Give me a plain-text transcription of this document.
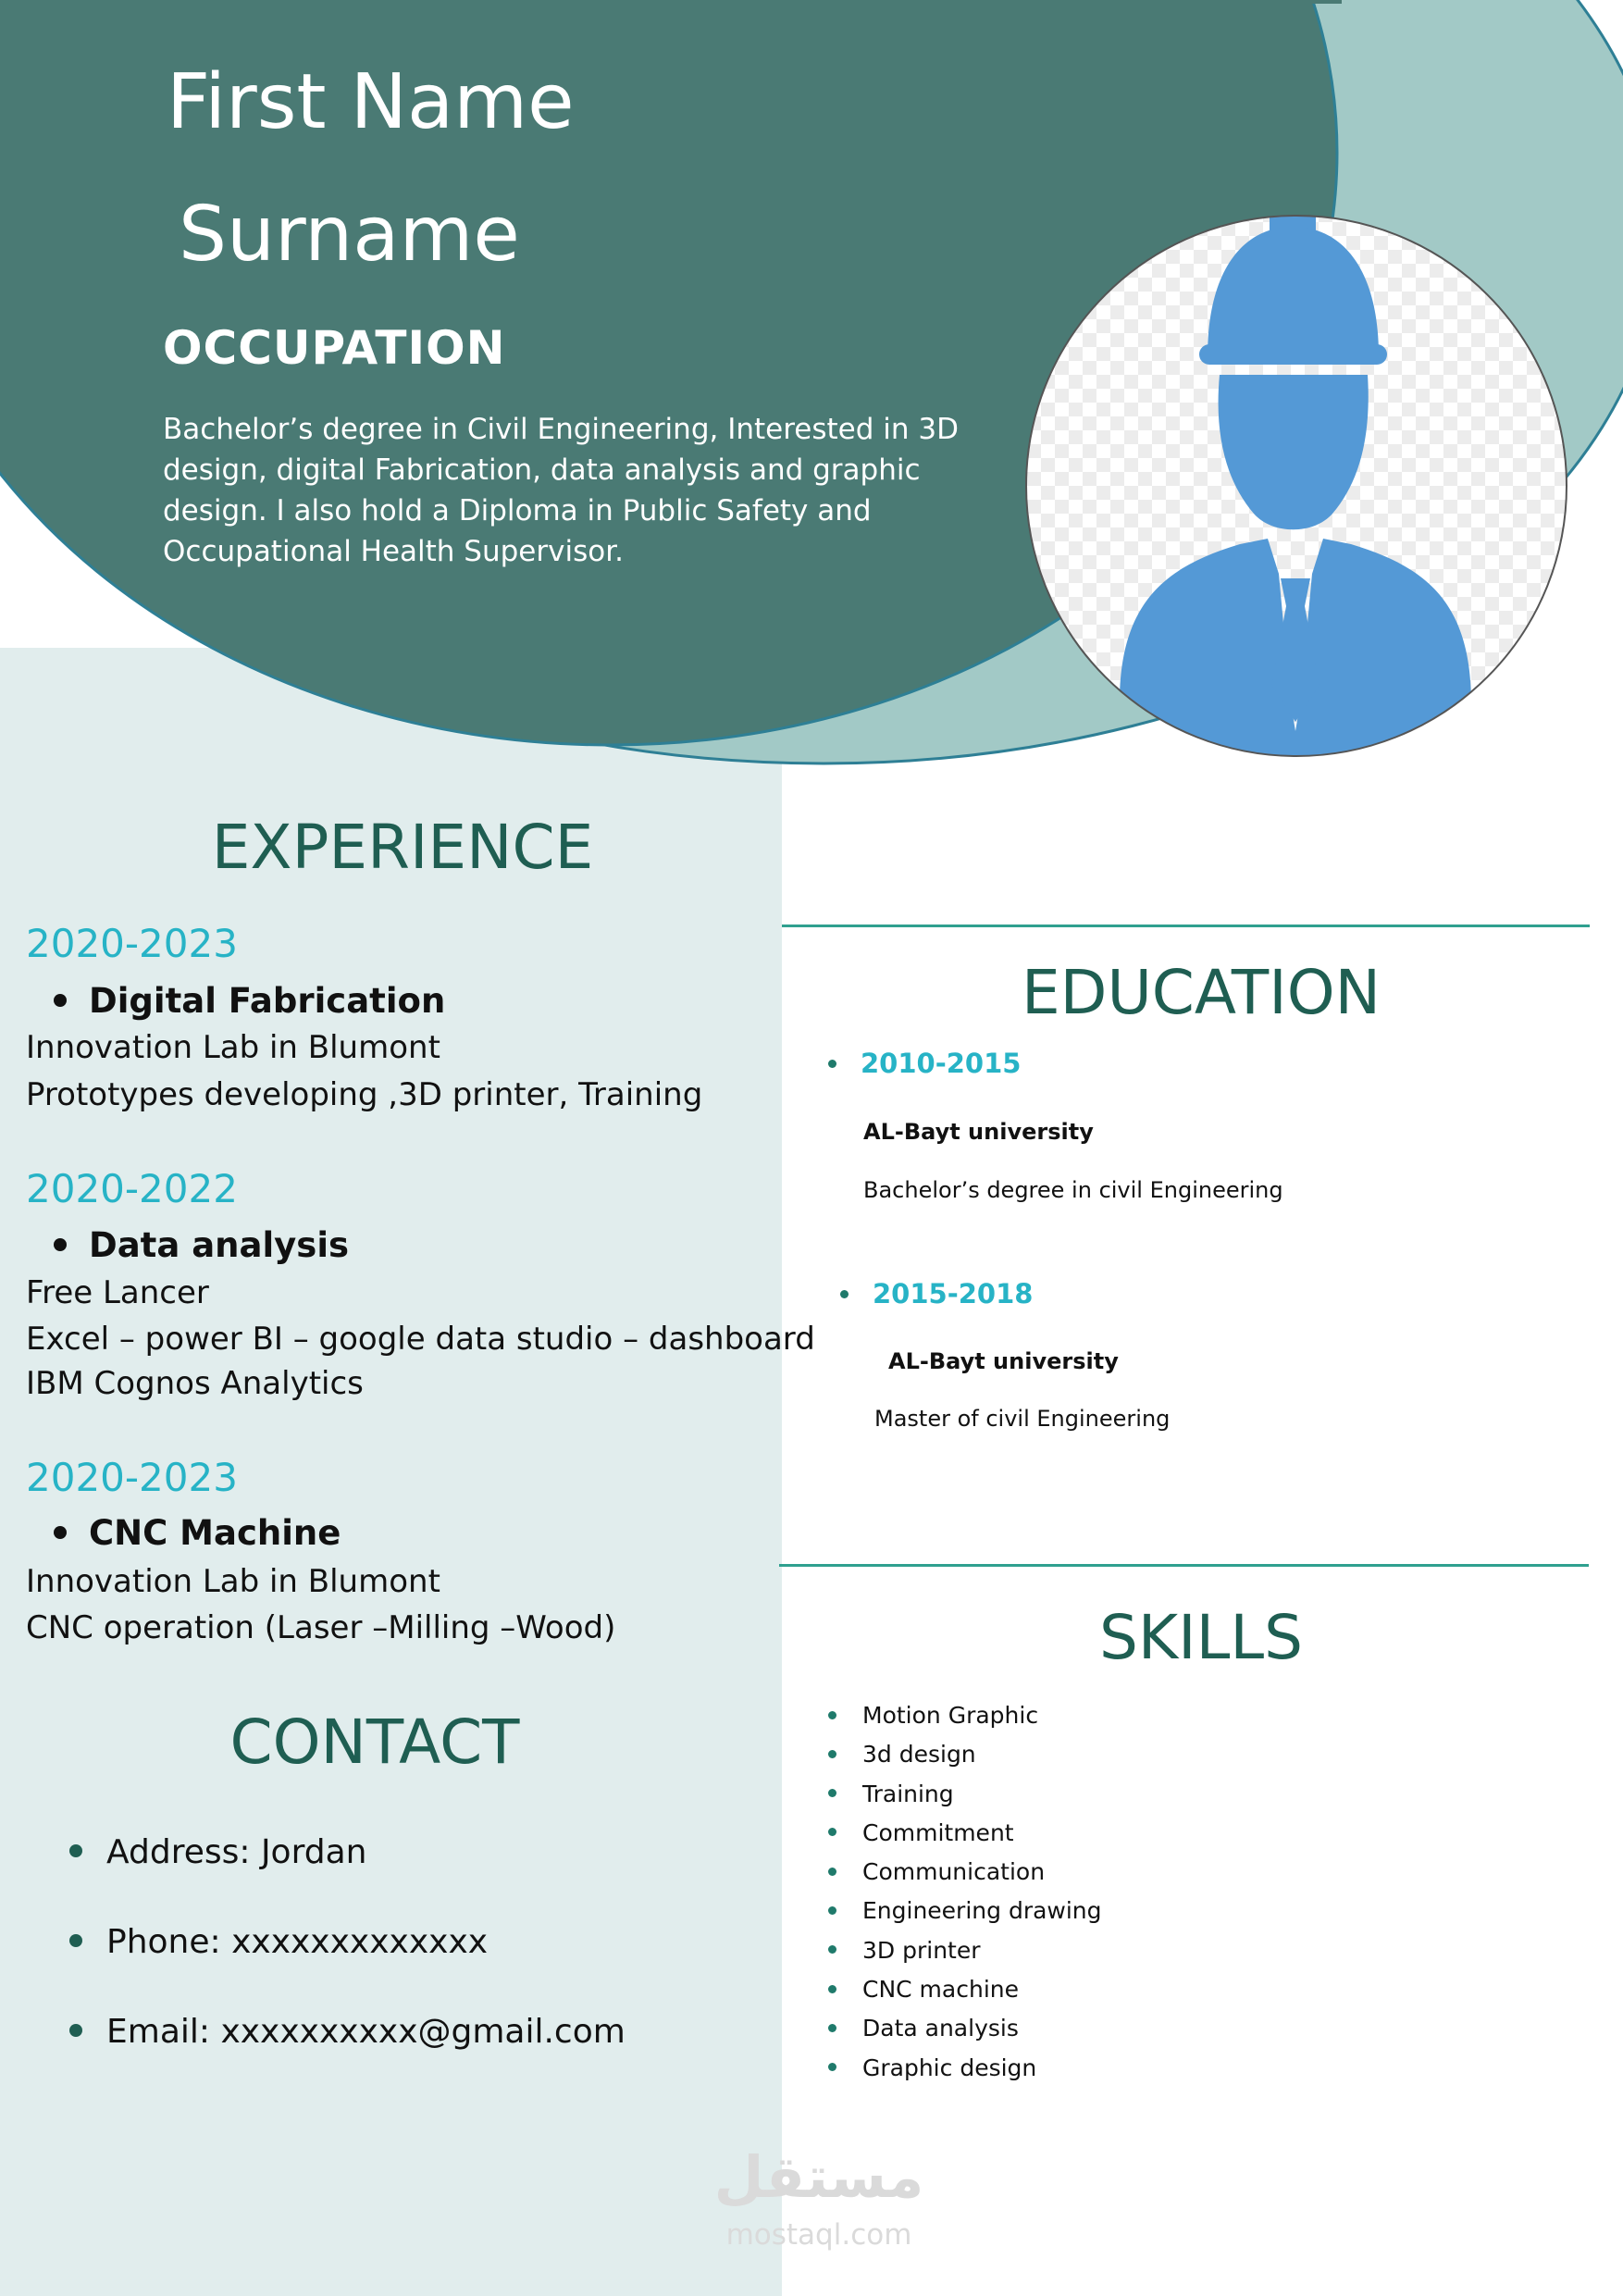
First Name
Surname
OCCUPATION
Bachelor’s degree in Civil Engineering, Interested in 3D design, digital Fabrication, data analysis and graphic design. I also hold a Diploma in Public Safety and Occupational Health Supervisor.
EXPERIENCE
2020-2023
Digital Fabrication
Innovation Lab in Blumont
Prototypes developing ,3D printer, Training
2020-2022
Data analysis
Free Lancer
Excel – power BI – google data studio – dashboard
IBM Cognos Analytics
2020-2023
CNC Machine
Innovation Lab in Blumont
CNC operation (Laser –Milling –Wood)
CONTACT
Address: Jordan
Phone: xxxxxxxxxxxxx
Email: xxxxxxxxxx@gmail.com
EDUCATION
2010-2015
AL-Bayt university
Bachelor’s degree in civil Engineering
2015-2018
AL-Bayt university
Master of civil Engineering
SKILLS
Motion Graphic
3d design
Training
Commitment
Communication
Engineering drawing
3D printer
CNC machine
Data analysis
Graphic design
مستقل
mostaql.com
